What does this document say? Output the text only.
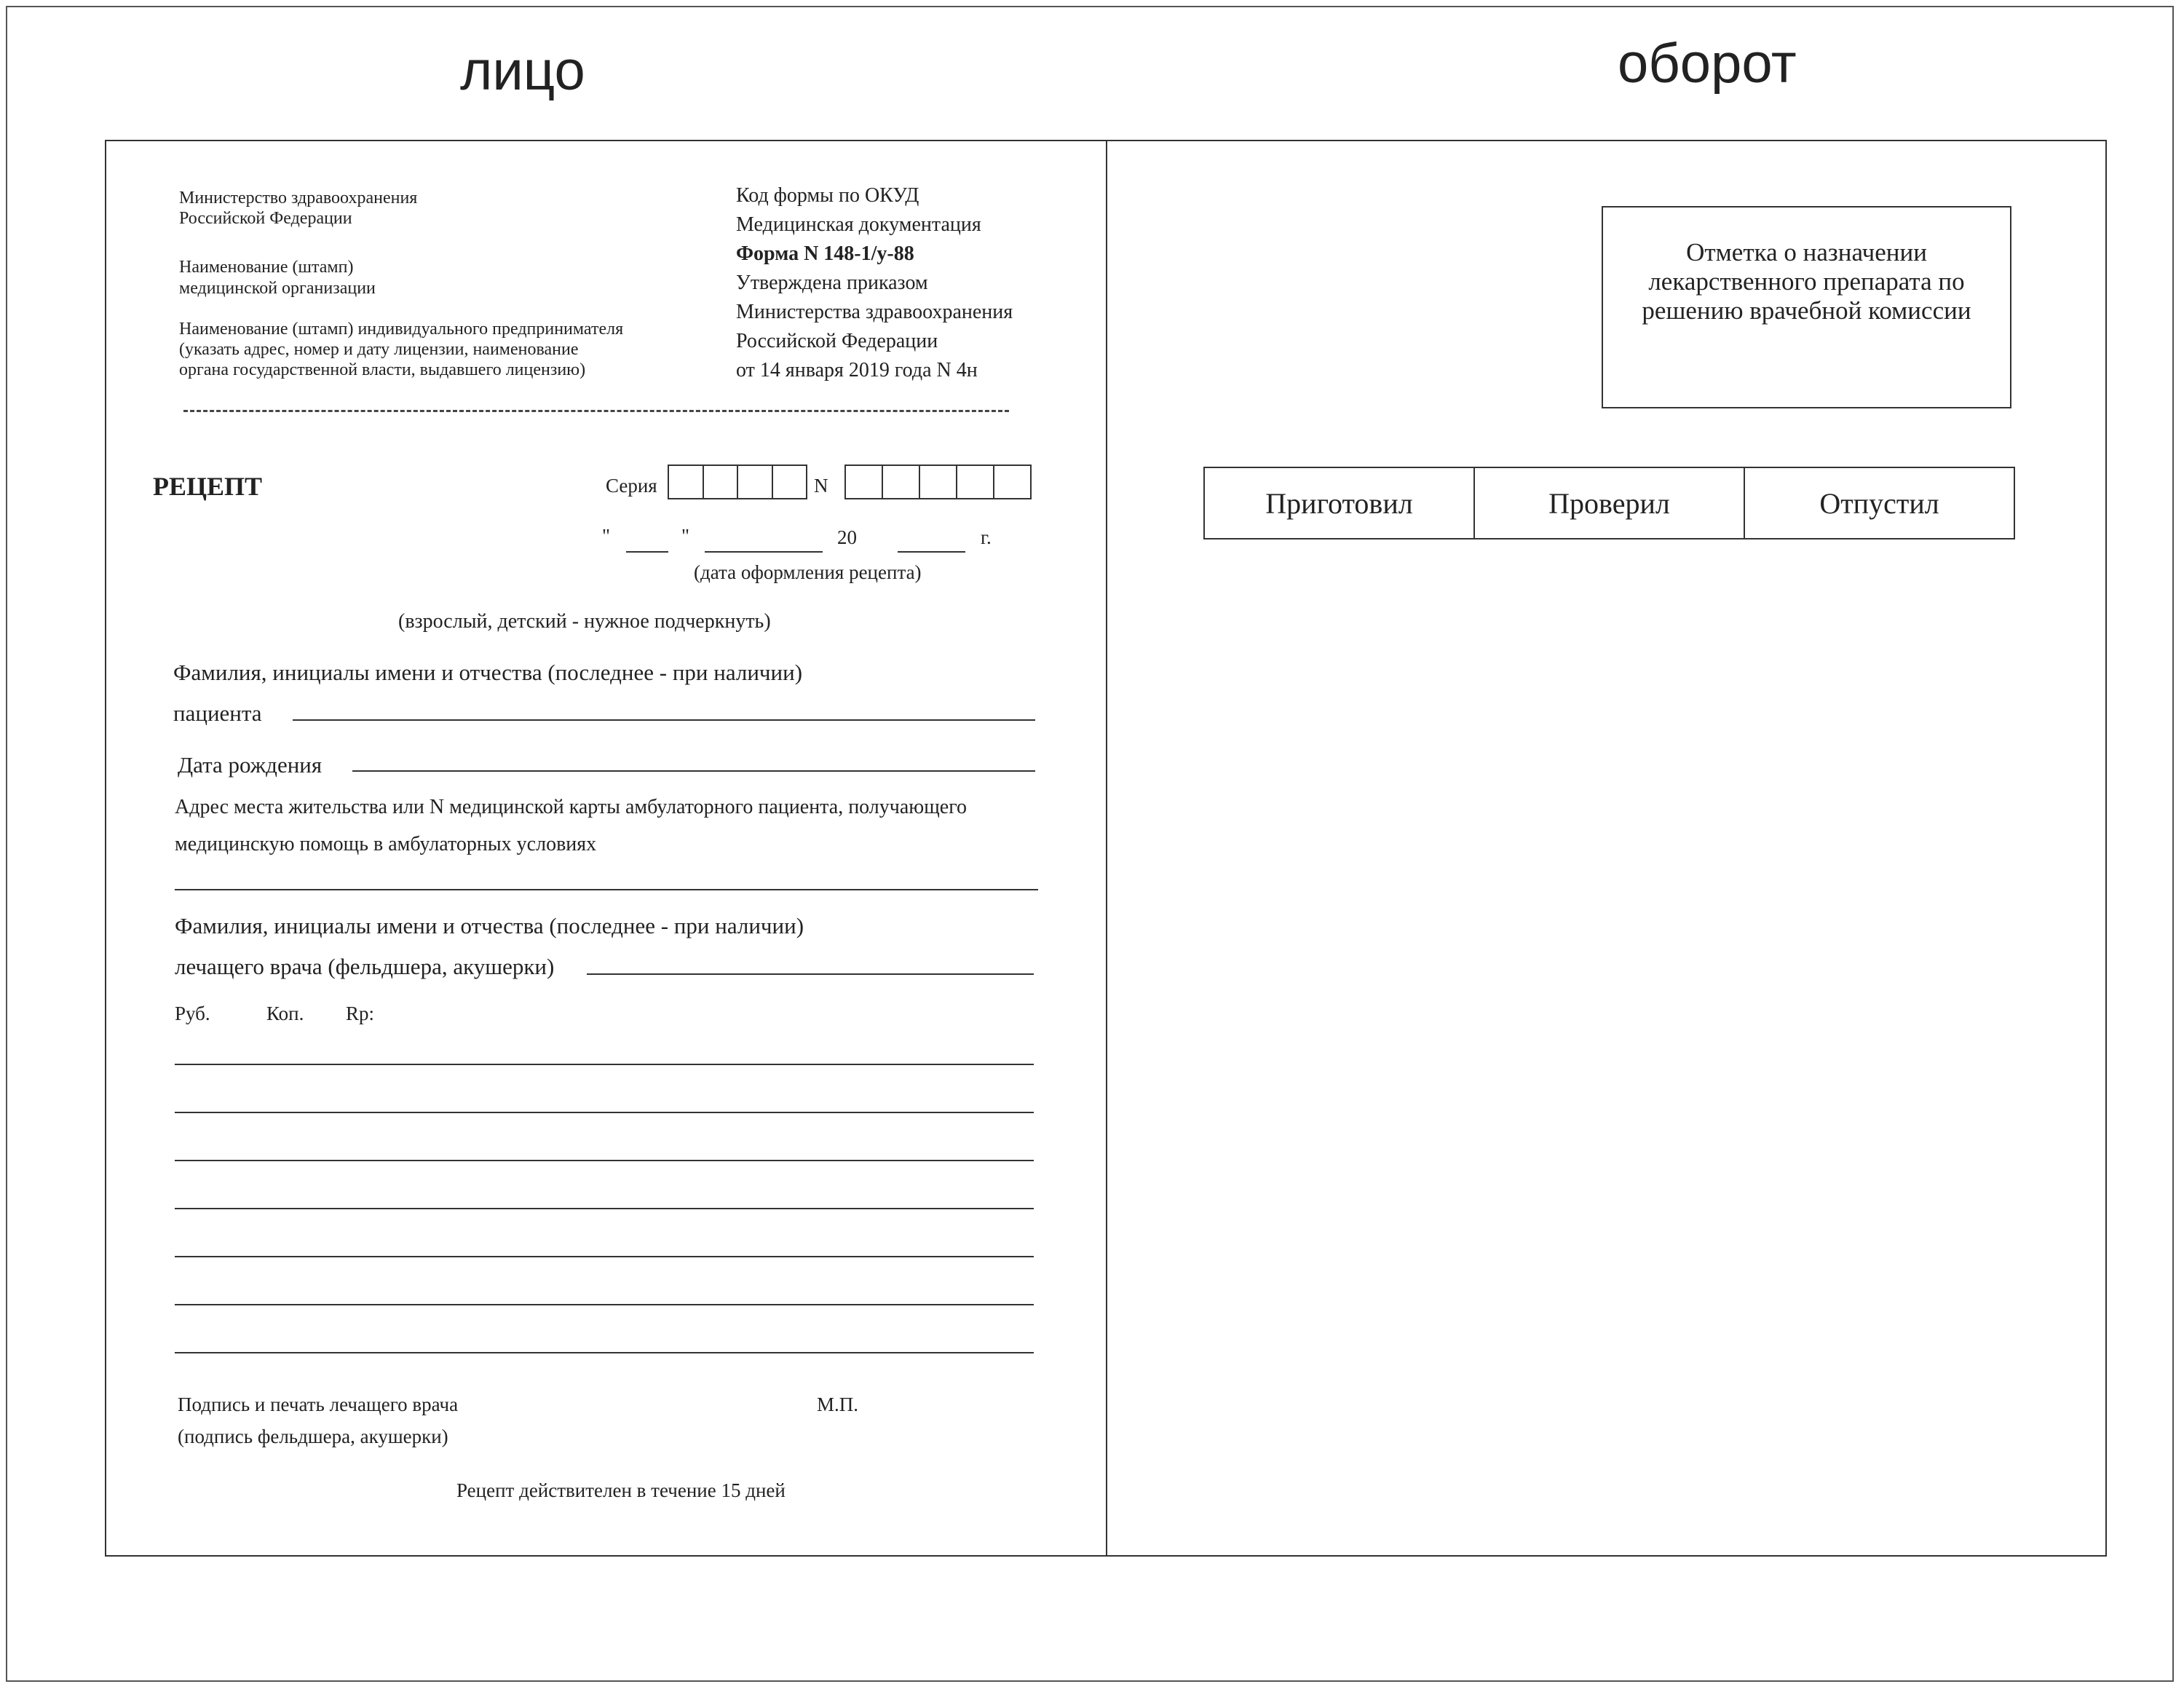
лицо	оборот
Министерство здравоохранения
Российской Федерации
Наименование (штамп)
медицинской организации
Наименование (штамп) индивидуального предпринимателя
(указать адрес, номер и дату лицензии, наименование
органа государственной власти, выдавшего лицензию)
Код формы по ОКУД
Медицинская документация
Форма N 148-1/у-88
Утверждена приказом
Министерства здравоохранения
Российской Федерации
от 14 января 2019 года N 4н
РЕЦЕПТ	Серия	N
"	"	20	г.
(дата оформления рецепта)
(взрослый, детский - нужное подчеркнуть)
Фамилия, инициалы имени и отчества (последнее - при наличии)
пациента
Дата рождения
Адрес места жительства или N медицинской карты амбулаторного пациента, получающего
медицинскую помощь в амбулаторных условиях
Фамилия, инициалы имени и отчества (последнее - при наличии)
лечащего врача (фельдшера, акушерки)
Руб.	Коп. Rp:
Подпись и печать лечащего врача
(подпись фельдшера, акушерки)
М.П.
Рецепт действителен в течение 15 дней
Отметка о назначении
лекарственного препарата по
решению врачебной комиссии
Приготовил	Проверил	Отпустил
